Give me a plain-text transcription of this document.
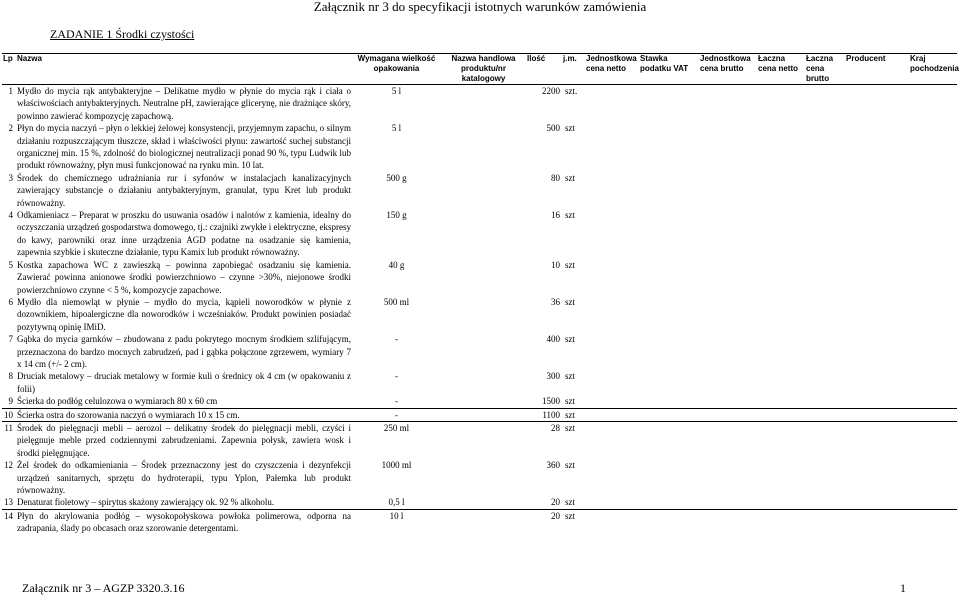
Załącznik nr 3 do specyfikacji istotnych warunków zamówienia
ZADANIE 1 Środki czystości
Lp	Nazwa	Wymagana wielkość opakowania	Nazwa handlowa produktu/nr katalogowy	Ilość	j.m.	Jednostkowa cena netto	Stawka podatku VAT	Jednostkowa cena brutto	Łaczna cena netto	Łaczna cena brutto	Producent	Kraj pochodzenia
1	Mydło do mycia rąk antybakteryjne – Delikatne mydło w płynie do mycia rąk i ciała o właściwościach antybakteryjnych. Neutralne pH, zawierające glicerynę, nie drażniące skóry, powinno zawierać kompozycję zapachową.	5 l		2200	szt.							
2	Płyn do mycia naczyń – płyn o lekkiej żelowej konsystencji, przyjemnym zapachu, o silnym działaniu rozpuszczającym tłuszcze, skład i właściwości płynu: zawartość suchej substancji organicznej min. 15 %, zdolność do biologicznej neutralizacji ponad 90 %, typu Ludwik lub produkt równoważny, płyn musi funkcjonować na rynku min. 10 lat.	5 l		500	szt							
3	Środek do chemicznego udrażniania rur i syfonów w instalacjach kanalizacyjnych zawierający substancje o działaniu antybakteryjnym, granulat, typu Kret lub produkt równoważny.	500 g		80	szt							
4	Odkamieniacz – Preparat w proszku do usuwania osadów i nalotów z kamienia, idealny do oczyszczania urządzeń gospodarstwa domowego, tj.: czajniki zwykłe i elektryczne, ekspresy do kawy, parowniki oraz inne urządzenia AGD podatne na osadzanie się kamienia, zapewnia szybkie i skuteczne działanie, typu Kamix lub produkt równoważny.	150 g		16	szt							
5	Kostka zapachowa WC z zawieszką – powinna zapobiegać osadzaniu się kamienia. Zawierać powinna anionowe środki powierzchniowo – czynne >30%, niejonowe środki powierzchniowo czynne < 5 %, kompozycje zapachowe.	40 g		10	szt							
6	Mydło dla niemowląt w płynie – mydło do mycia, kąpieli noworodków w płynie z dozownikiem, hipoalergiczne dla noworodków i wcześniaków. Produkt powinien posiadać pozytywną opinię IMiD.	500 ml		36	szt							
7	Gąbka do mycia garnków – zbudowana z padu pokrytego mocnym środkiem szlifującym, przeznaczona do bardzo mocnych zabrudzeń, pad i gąbka połączone zgrzewem, wymiary 7 x 14 cm (+/- 2 cm).	-		400	szt							
8	Druciak metalowy – druciak metalowy w formie kuli o średnicy ok 4 cm (w opakowaniu z folii)	-		300	szt							
9	Ścierka do podłóg celulozowa o wymiarach 80 x 60 cm	-		1500	szt							
10	Ścierka ostra do szorowania naczyń o wymiarach 10 x 15 cm.	-		1100	szt							
11	Środek do pielęgnacji mebli – aerozol – delikatny środek do pielęgnacji mebli, czyści i pielęgnuje meble przed codziennymi zabrudzeniami. Zapewnia połysk, zawiera wosk i środki pielęgnujące.	250 ml		28	szt							
12	Żel środek do odkamieniania – Środek przeznaczony jest do czyszczenia i dezynfekcji urządzeń sanitarnych, sprzętu do hydroterapii, typu Yplon, Pałemka lub produkt równoważny.	1000 ml		360	szt							
13	Denaturat fioletowy – spirytus skażony zawierający ok. 92 % alkoholu.	0,5 l		20	szt							
14	Płyn do akrylowania podłóg – wysokopołyskowa powłoka polimerowa, odporna na zadrapania, ślady po obcasach oraz szorowanie detergentami.	10 l		20	szt							
Załącznik nr 3 – AGZP 3320.3.16	1
